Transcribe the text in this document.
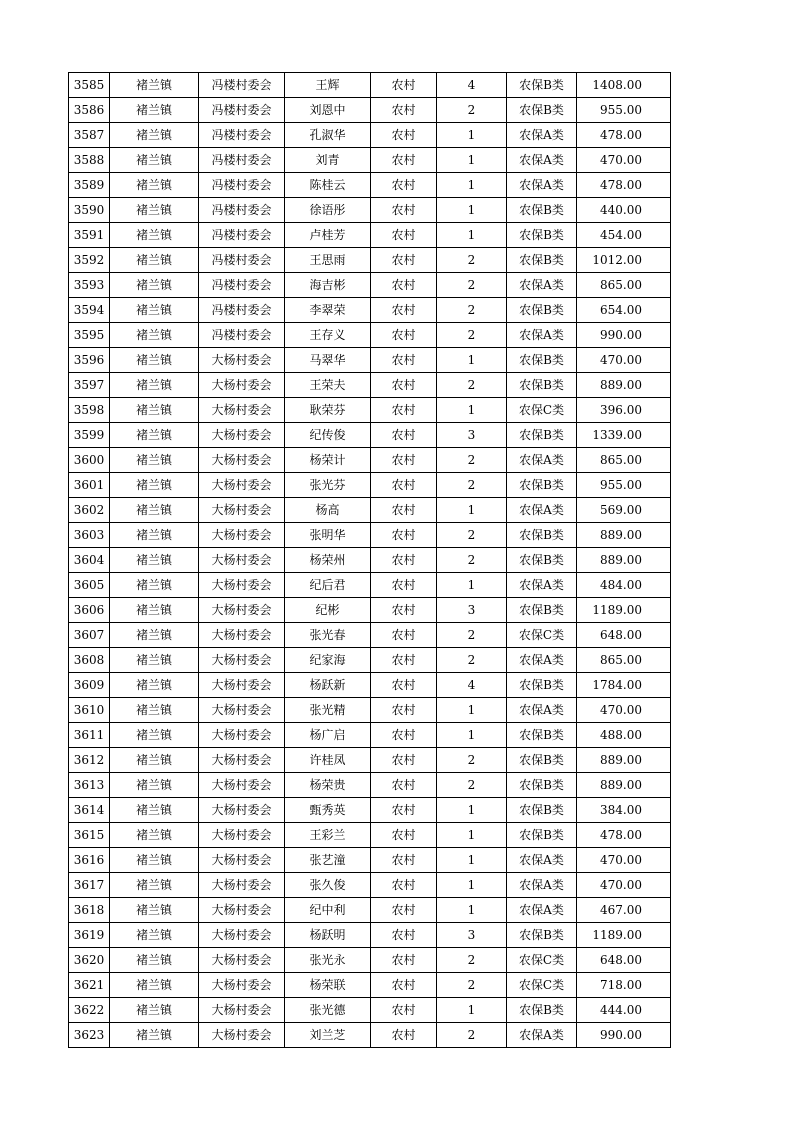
3585	褚兰镇	冯楼村委会	王辉	农村	4	农保B类	1408.00
3586	褚兰镇	冯楼村委会	刘恩中	农村	2	农保B类	955.00
3587	褚兰镇	冯楼村委会	孔淑华	农村	1	农保A类	478.00
3588	褚兰镇	冯楼村委会	刘青	农村	1	农保A类	470.00
3589	褚兰镇	冯楼村委会	陈桂云	农村	1	农保A类	478.00
3590	褚兰镇	冯楼村委会	徐语彤	农村	1	农保B类	440.00
3591	褚兰镇	冯楼村委会	卢桂芳	农村	1	农保B类	454.00
3592	褚兰镇	冯楼村委会	王思雨	农村	2	农保B类	1012.00
3593	褚兰镇	冯楼村委会	海吉彬	农村	2	农保A类	865.00
3594	褚兰镇	冯楼村委会	李翠荣	农村	2	农保B类	654.00
3595	褚兰镇	冯楼村委会	王存义	农村	2	农保A类	990.00
3596	褚兰镇	大杨村委会	马翠华	农村	1	农保B类	470.00
3597	褚兰镇	大杨村委会	王荣夫	农村	2	农保B类	889.00
3598	褚兰镇	大杨村委会	耿荣芬	农村	1	农保C类	396.00
3599	褚兰镇	大杨村委会	纪传俊	农村	3	农保B类	1339.00
3600	褚兰镇	大杨村委会	杨荣计	农村	2	农保A类	865.00
3601	褚兰镇	大杨村委会	张光芬	农村	2	农保B类	955.00
3602	褚兰镇	大杨村委会	杨高	农村	1	农保A类	569.00
3603	褚兰镇	大杨村委会	张明华	农村	2	农保B类	889.00
3604	褚兰镇	大杨村委会	杨荣州	农村	2	农保B类	889.00
3605	褚兰镇	大杨村委会	纪后君	农村	1	农保A类	484.00
3606	褚兰镇	大杨村委会	纪彬	农村	3	农保B类	1189.00
3607	褚兰镇	大杨村委会	张光春	农村	2	农保C类	648.00
3608	褚兰镇	大杨村委会	纪家海	农村	2	农保A类	865.00
3609	褚兰镇	大杨村委会	杨跃新	农村	4	农保B类	1784.00
3610	褚兰镇	大杨村委会	张光精	农村	1	农保A类	470.00
3611	褚兰镇	大杨村委会	杨广启	农村	1	农保B类	488.00
3612	褚兰镇	大杨村委会	许桂凤	农村	2	农保B类	889.00
3613	褚兰镇	大杨村委会	杨荣贵	农村	2	农保B类	889.00
3614	褚兰镇	大杨村委会	甄秀英	农村	1	农保B类	384.00
3615	褚兰镇	大杨村委会	王彩兰	农村	1	农保B类	478.00
3616	褚兰镇	大杨村委会	张艺潼	农村	1	农保A类	470.00
3617	褚兰镇	大杨村委会	张久俊	农村	1	农保A类	470.00
3618	褚兰镇	大杨村委会	纪中利	农村	1	农保A类	467.00
3619	褚兰镇	大杨村委会	杨跃明	农村	3	农保B类	1189.00
3620	褚兰镇	大杨村委会	张光永	农村	2	农保C类	648.00
3621	褚兰镇	大杨村委会	杨荣联	农村	2	农保C类	718.00
3622	褚兰镇	大杨村委会	张光德	农村	1	农保B类	444.00
3623	褚兰镇	大杨村委会	刘兰芝	农村	2	农保A类	990.00
